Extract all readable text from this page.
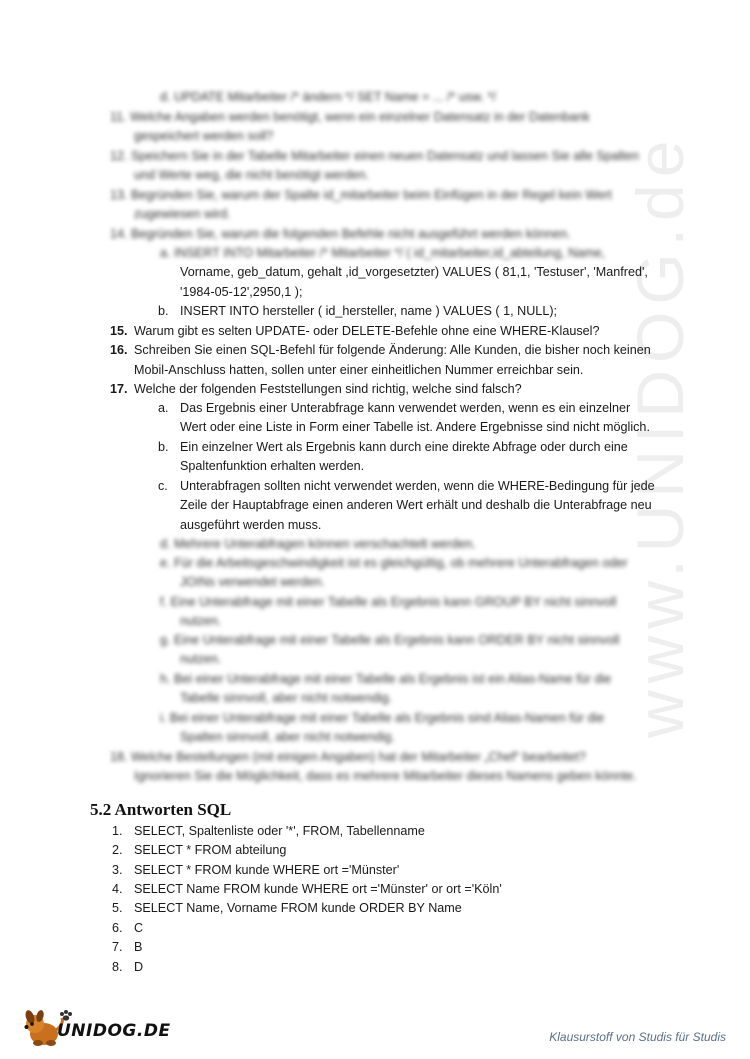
www.UNIDOG.de
d. UPDATE Mitarbeiter /* ändern */ SET Name = ... /* usw. */
11. Welche Angaben werden benötigt, wenn ein einzelner Datensatz in der Datenbank
gespeichert werden soll?
12. Speichern Sie in der Tabelle Mitarbeiter einen neuen Datensatz und lassen Sie alle Spalten
und Werte weg, die nicht benötigt werden.
13. Begründen Sie, warum der Spalte id_mitarbeiter beim Einfügen in der Regel kein Wert
zugewiesen wird.
14. Begründen Sie, warum die folgenden Befehle nicht ausgeführt werden können.
a. INSERT INTO Mitarbeiter /* Mitarbeiter */ ( id_mitarbeiter,id_abteilung, Name,
Vorname, geb_datum, gehalt ,id_vorgesetzter) VALUES ( 81,1, 'Testuser', 'Manfred',
'1984-05-12',2950,1 );
b. INSERT INTO hersteller ( id_hersteller, name ) VALUES ( 1, NULL);
15. Warum gibt es selten UPDATE- oder DELETE-Befehle ohne eine WHERE-Klausel?
16. Schreiben Sie einen SQL-Befehl für folgende Änderung: Alle Kunden, die bisher noch keinen
Mobil-Anschluss hatten, sollen unter einer einheitlichen Nummer erreichbar sein.
17. Welche der folgenden Feststellungen sind richtig, welche sind falsch?
a. Das Ergebnis einer Unterabfrage kann verwendet werden, wenn es ein einzelner
Wert oder eine Liste in Form einer Tabelle ist. Andere Ergebnisse sind nicht möglich.
b. Ein einzelner Wert als Ergebnis kann durch eine direkte Abfrage oder durch eine
Spaltenfunktion erhalten werden.
c. Unterabfragen sollten nicht verwendet werden, wenn die WHERE-Bedingung für jede
Zeile der Hauptabfrage einen anderen Wert erhält und deshalb die Unterabfrage neu
ausgeführt werden muss.
d. Mehrere Unterabfragen können verschachtelt werden.
e. Für die Arbeitsgeschwindigkeit ist es gleichgültig, ob mehrere Unterabfragen oder
JOINs verwendet werden.
f. Eine Unterabfrage mit einer Tabelle als Ergebnis kann GROUP BY nicht sinnvoll
nutzen.
g. Eine Unterabfrage mit einer Tabelle als Ergebnis kann ORDER BY nicht sinnvoll
nutzen.
h. Bei einer Unterabfrage mit einer Tabelle als Ergebnis ist ein Alias-Name für die
Tabelle sinnvoll, aber nicht notwendig.
i. Bei einer Unterabfrage mit einer Tabelle als Ergebnis sind Alias-Namen für die
Spalten sinnvoll, aber nicht notwendig.
18. Welche Bestellungen (mit einigen Angaben) hat der Mitarbeiter „Chef“ bearbeitet?
Ignorieren Sie die Möglichkeit, dass es mehrere Mitarbeiter dieses Namens geben könnte.
5.2 Antworten SQL
1. SELECT, Spaltenliste oder '*', FROM, Tabellenname
2. SELECT * FROM abteilung
3. SELECT * FROM kunde WHERE ort ='Münster'
4. SELECT Name FROM kunde WHERE ort ='Münster' or ort ='Köln'
5. SELECT Name, Vorname FROM kunde ORDER BY Name
6. C
7. B
8. D
UNIDOG.DE	Klausurstoff von Studis für Studis
